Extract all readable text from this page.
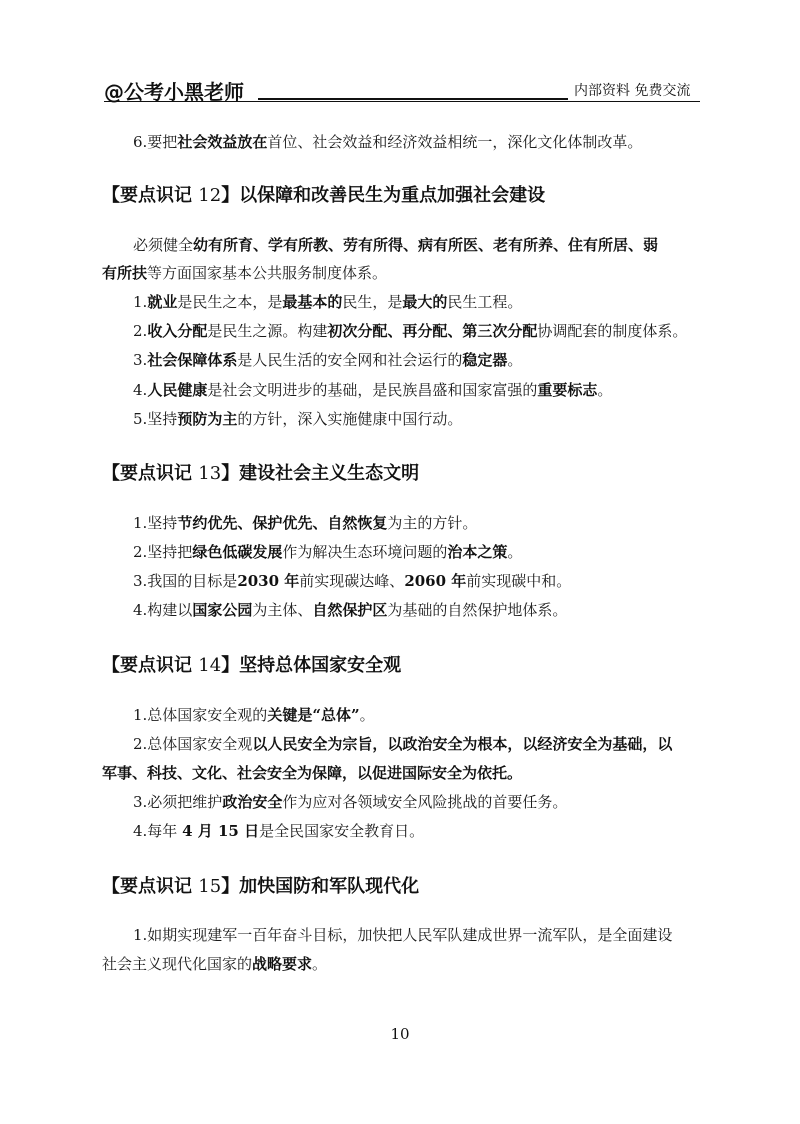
@公考小黑老师	内部资料 免费交流
6.要把社会效益放在首位、社会效益和经济效益相统一，深化文化体制改革。
【要点识记 12】以保障和改善民生为重点加强社会建设
必须健全幼有所育、学有所教、劳有所得、病有所医、老有所养、住有所居、弱
有所扶等方面国家基本公共服务制度体系。
1.就业是民生之本，是最基本的民生，是最大的民生工程。
2.收入分配是民生之源。构建初次分配、再分配、第三次分配协调配套的制度体系。
3.社会保障体系是人民生活的安全网和社会运行的稳定器。
4.人民健康是社会文明进步的基础，是民族昌盛和国家富强的重要标志。
5.坚持预防为主的方针，深入实施健康中国行动。
【要点识记 13】建设社会主义生态文明
1.坚持节约优先、保护优先、自然恢复为主的方针。
2.坚持把绿色低碳发展作为解决生态环境问题的治本之策。
3.我国的目标是2030 年前实现碳达峰、2060 年前实现碳中和。
4.构建以国家公园为主体、自然保护区为基础的自然保护地体系。
【要点识记 14】坚持总体国家安全观
1.总体国家安全观的关键是“总体”。
2.总体国家安全观以人民安全为宗旨，以政治安全为根本，以经济安全为基础，以
军事、科技、文化、社会安全为保障，以促进国际安全为依托。
3.必须把维护政治安全作为应对各领域安全风险挑战的首要任务。
4.每年 4 月 15 日是全民国家安全教育日。
【要点识记 15】加快国防和军队现代化
1.如期实现建军一百年奋斗目标，加快把人民军队建成世界一流军队，是全面建设
社会主义现代化国家的战略要求。
10
